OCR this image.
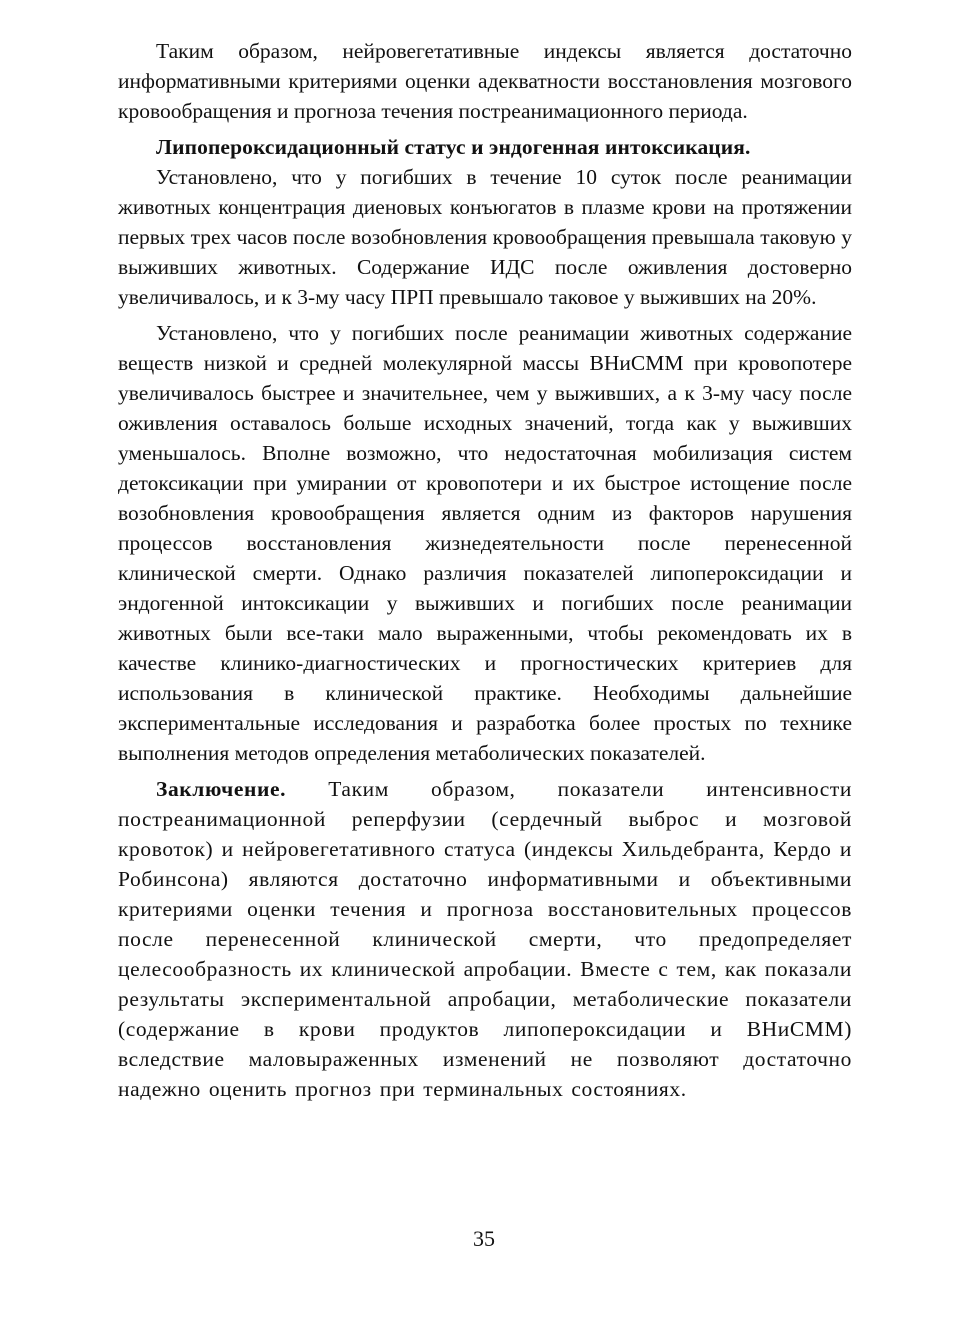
Таким образом, нейровегетативные индексы является достаточно информативными критериями оценки адекватности восстановления мозгового кровообращения и прогноза течения постреанимационного периода.

Липопероксидационный статус и эндогенная интоксикация.

Установлено, что у погибших в течение 10 суток после реанимации животных концентрация диеновых конъюгатов в плазме крови на протяжении первых трех часов после возобновления кровообращения превышала таковую у выживших животных. Содержание ИДС после оживления достоверно увеличивалось, и к 3-му часу ПРП превышало таковое у выживших на 20%.

Установлено, что у погибших после реанимации животных содержание веществ низкой и средней молекулярной массы ВНиСММ при кровопотере увеличивалось быстрее и значительнее, чем у выживших, а к 3-му часу после оживления оставалось больше исходных значений, тогда как у выживших уменьшалось. Вполне возможно, что недостаточная мобилизация систем детоксикации при умирании от кровопотери и их быстрое истощение после возобновления кровообращения является одним из факторов нарушения процессов восстановления жизнедеятельности после перенесенной клинической смерти. Однако различия показателей липопероксидации и эндогенной интоксикации у выживших и погибших после реанимации животных были все-таки мало выраженными, чтобы рекомендовать их в качестве клинико-диагностических и прогностических критериев для использования в клинической практике. Необходимы дальнейшие экспериментальные исследования и разработка более простых по технике выполнения методов определения метаболических показателей.

Заключение. Таким образом, показатели интенсивности постреанимационной реперфузии (сердечный выброс и мозговой кровоток) и нейровегетативного статуса (индексы Хильдебранта, Кердо и Робинсона) являются достаточно информативными и объективными критериями оценки течения и прогноза восстановительных процессов после перенесенной клинической смерти, что предопределяет целесообразность их клинической апробации. Вместе с тем, как показали результаты экспериментальной апробации, метаболические показатели (содержание в крови продуктов липопероксидации и ВНиСММ) вследствие маловыраженных изменений не позволяют достаточно надежно оценить прогноз при терминальных состояниях.

35
